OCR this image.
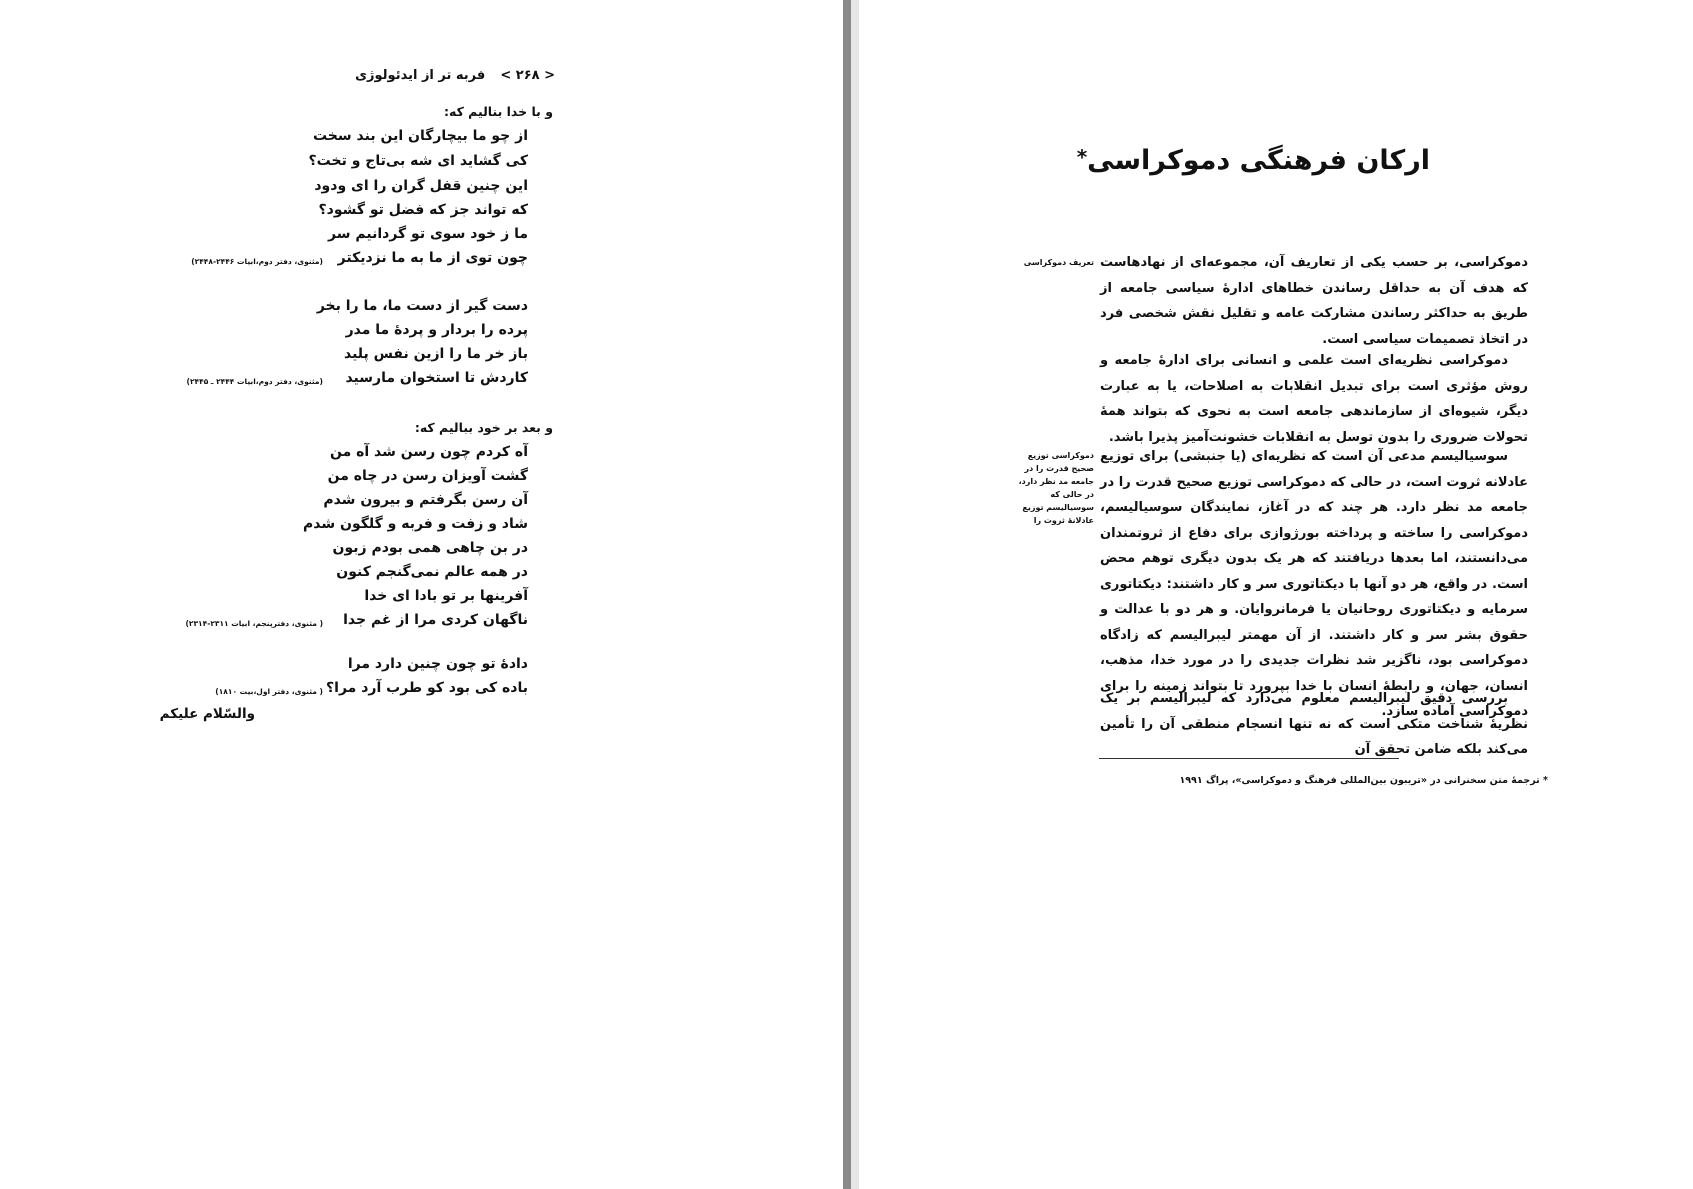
< ۲۶۸ >  فربه تر از ایدئولوژی
و با خدا بنالیم که:
از چو ما بیچارگان این بند سخت
کی گشاید ای شه بی‌تاج و تخت؟
این چنین قفل گران را ای ودود
که تواند جز که فضل تو گشود؟
ما ز خود سوی تو گردانیم سر
چون توی از ما به ما نزدیکتر
(مثنوی، دفتر دوم،ابیات ۲۴۴۶-۲۴۴۸)
دست گیر از دست ما، ما را بخر
پرده را بردار و پردهٔ ما مدر
باز خر ما را ازین نفس پلید
کاردش تا استخوان مارسید
(مثنوی، دفتر دوم،ابیات ۲۴۴۴ ـ ۲۴۴۵)
و بعد بر خود ببالیم که:
آه کردم چون رسن شد آه من
گشت آویزان رسن در چاه من
آن رسن بگرفتم و بیرون شدم
شاد و زفت و فربه و گلگون شدم
در بن چاهی همی بودم زبون
در همه عالم نمی‌گنجم کنون
آفرینها بر تو بادا ای خدا
ناگهان کردی مرا از غم جدا
( مثنوی، دفترپنجم، ابیات ۲۳۱۱-۲۳۱۴)
دادهٔ تو چون چنین دارد مرا
باده کی بود کو طرب آرد مرا؟
( مثنوی، دفتر اول،بیت ۱۸۱۰)
والسّلام علیکم
ارکان فرهنگی دموکراسی*
دموکراسی، بر حسب یکی از تعاریف آن، مجموعه‌ای از نهادهاست که هدف آن به حداقل رساندن خطاهای ادارهٔ سیاسی جامعه از طریق به حداکثر رساندن مشارکت عامه و تقلیل نقش شخصی فرد در اتخاذ تصمیمات سیاسی است.
دموکراسی نظریه‌ای است علمی و انسانی برای ادارهٔ جامعه و روش مؤثری است برای تبدیل انقلابات به اصلاحات، یا به عبارت دیگر، شیوه‌ای از سازماندهی جامعه است به نحوی که بتواند همهٔ تحولات ضروری را بدون توسل به انقلابات خشونت‌آمیز پذیرا باشد.
سوسیالیسم مدعی آن است که نظریه‌ای (یا جنبشی) برای توزیع عادلانه ثروت است، در حالی که دموکراسی توزیع صحیح قدرت را در جامعه مد نظر دارد. هر چند که در آغاز، نمایندگان سوسیالیسم، دموکراسی را ساخته و پرداخته بورژوازی برای دفاع از ثروتمندان می‌دانستند، اما بعدها دریافتند که هر یک بدون دیگری توهم محض است. در واقع، هر دو آنها با دیکتاتوری سر و کار داشتند: دیکتاتوری سرمایه و دیکتاتوری روحانیان یا فرمانروایان. و هر دو با عدالت و حقوق بشر سر و کار داشتند. از آن مهمتر لیبرالیسم که زادگاه دموکراسی بود، ناگزیر شد نظرات جدیدی را در مورد خدا، مذهب، انسان، جهان، و رابطهٔ انسان با خدا بپرورد تا بتواند زمینه را برای دموکراسی آماده سازد.
بررسی دقیق لیبرالیسم معلوم می‌دارد که لیبرالیسم بر یک نظریهٔ شناخت متکی است که نه تنها انسجام منطقی آن را تأمین می‌کند بلکه ضامن تحقق آن
تعریف دموکراسی
دموکراسی توزیع صحیح قدرت را در جامعه مد نظر دارد، در حالی که سوسیالیسم توزیع عادلانهٔ ثروت را
* ترجمهٔ متن سخنرانی در «تریبون بین‌المللی فرهنگ و دموکراسی»، پراگ ۱۹۹۱
